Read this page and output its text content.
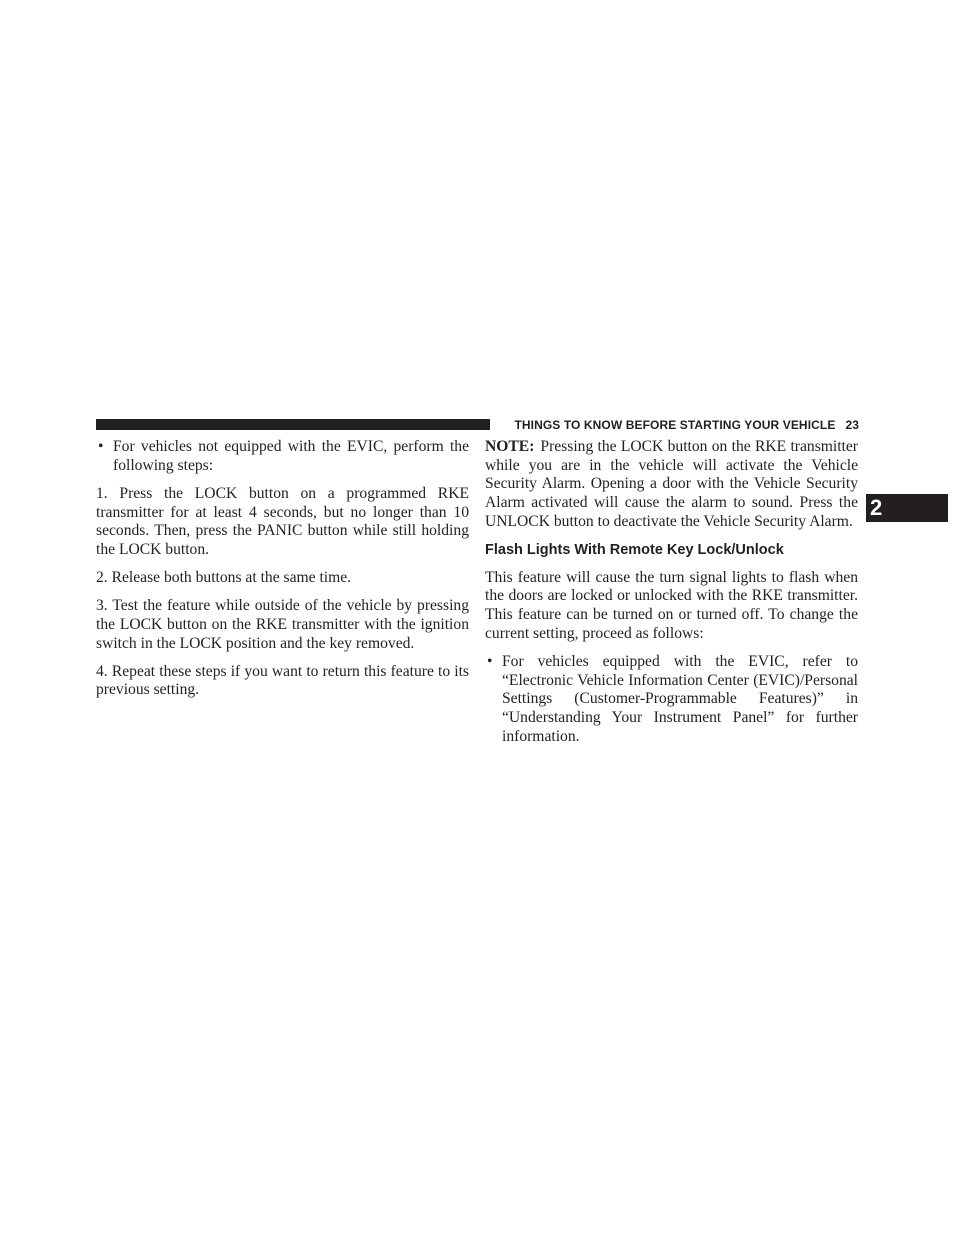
THINGS TO KNOW BEFORE STARTING YOUR VEHICLE 23
2
• For vehicles not equipped with the EVIC, perform the following steps:

1. Press the LOCK button on a programmed RKE transmitter for at least 4 seconds, but no longer than 10 seconds. Then, press the PANIC button while still holding the LOCK button.

2. Release both buttons at the same time.

3. Test the feature while outside of the vehicle by pressing the LOCK button on the RKE transmitter with the ignition switch in the LOCK position and the key removed.

4. Repeat these steps if you want to return this feature to its previous setting.

NOTE: Pressing the LOCK button on the RKE transmitter while you are in the vehicle will activate the Vehicle Security Alarm. Opening a door with the Vehicle Security Alarm activated will cause the alarm to sound. Press the UNLOCK button to deactivate the Vehicle Security Alarm.

Flash Lights With Remote Key Lock/Unlock

This feature will cause the turn signal lights to flash when the doors are locked or unlocked with the RKE transmitter. This feature can be turned on or turned off. To change the current setting, proceed as follows:

• For vehicles equipped with the EVIC, refer to “Electronic Vehicle Information Center (EVIC)/Personal Settings (Customer-Programmable Features)” in “Understanding Your Instrument Panel” for further information.
